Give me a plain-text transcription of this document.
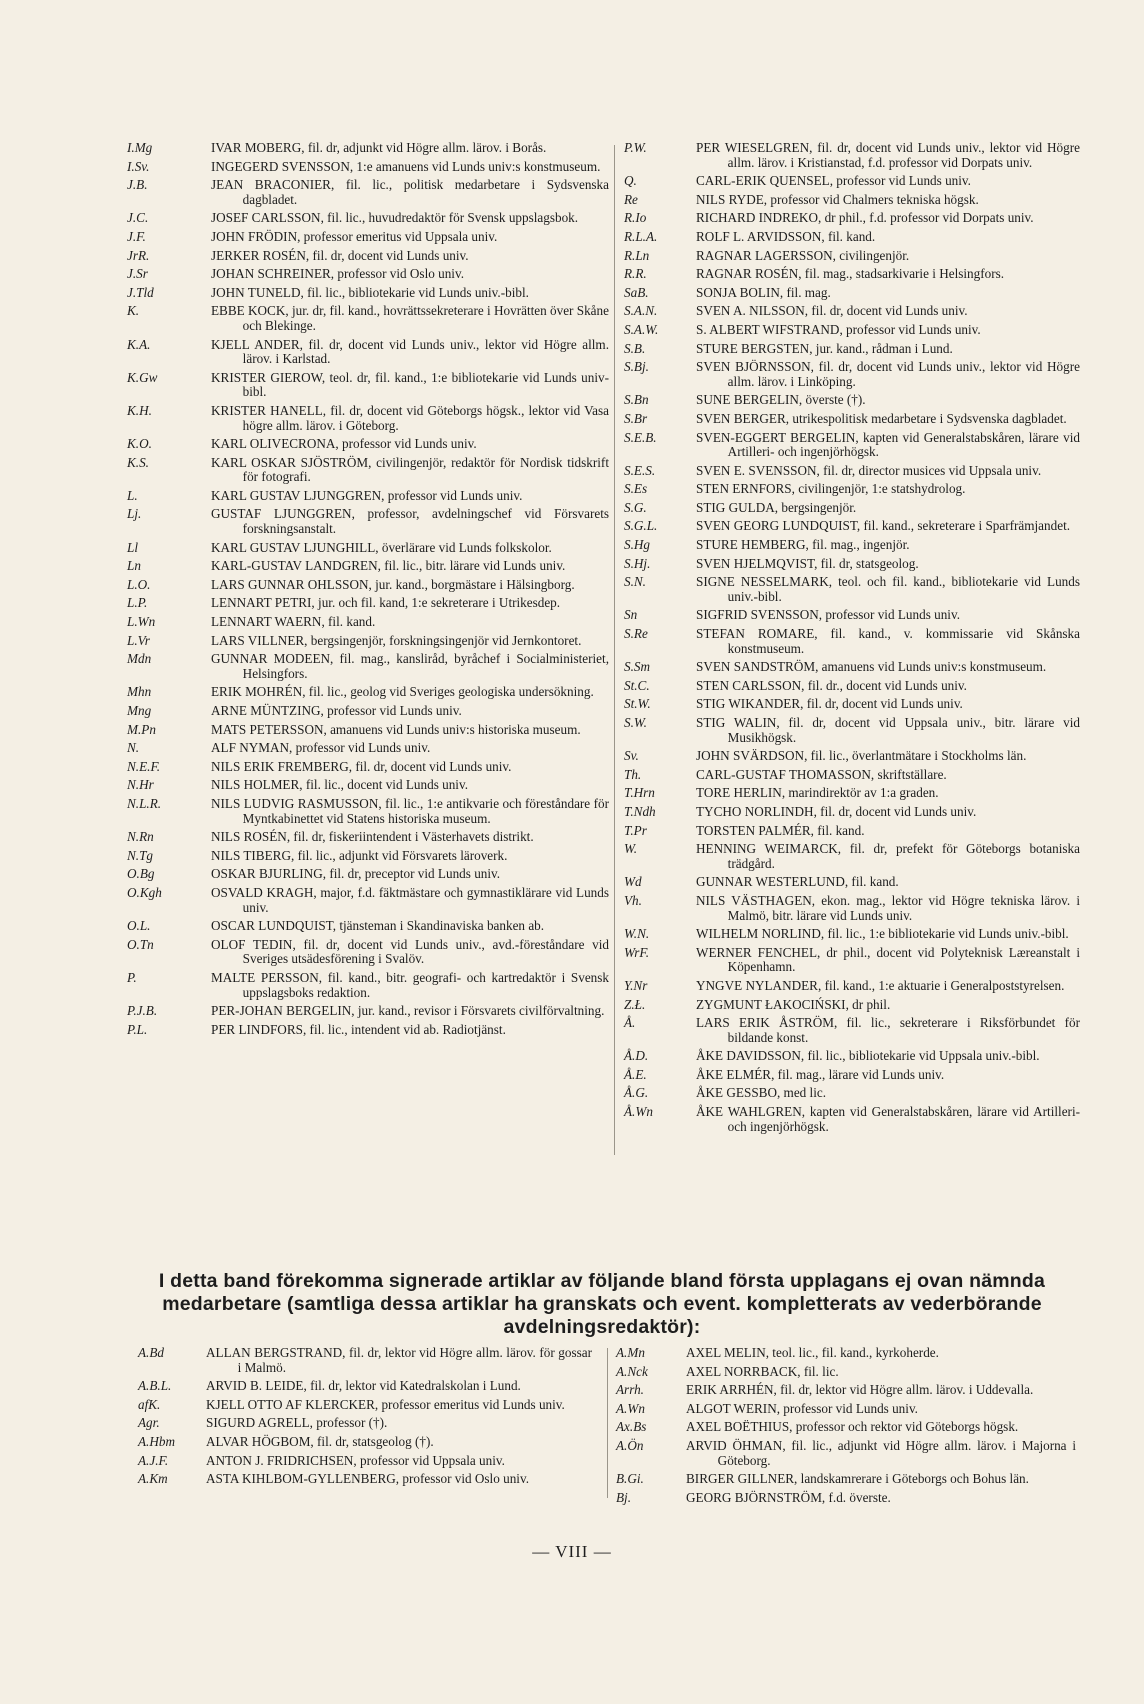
I.Mg	IVAR MOBERG, fil. dr, adjunkt vid Högre allm. lärov. i Borås.
I.Sv.	INGEGERD SVENSSON, 1:e amanuens vid Lunds univ:s konstmuseum.
J.B.	JEAN BRACONIER, fil. lic., politisk medarbetare i Sydsvenska dagbladet.
J.C.	JOSEF CARLSSON, fil. lic., huvudredaktör för Svensk uppslagsbok.
J.F.	JOHN FRÖDIN, professor emeritus vid Uppsala univ.
JrR.	JERKER ROSÉN, fil. dr, docent vid Lunds univ.
J.Sr	JOHAN SCHREINER, professor vid Oslo univ.
J.Tld	JOHN TUNELD, fil. lic., bibliotekarie vid Lunds univ.-bibl.
K.	EBBE KOCK, jur. dr, fil. kand., hovrättssekreterare i Hovrätten över Skåne och Blekinge.
K.A.	KJELL ANDER, fil. dr, docent vid Lunds univ., lektor vid Högre allm. lärov. i Karlstad.
K.Gw	KRISTER GIEROW, teol. dr, fil. kand., 1:e bibliotekarie vid Lunds univ-bibl.
K.H.	KRISTER HANELL, fil. dr, docent vid Göteborgs högsk., lektor vid Vasa högre allm. lärov. i Göteborg.
K.O.	KARL OLIVECRONA, professor vid Lunds univ.
K.S.	KARL OSKAR SJÖSTRÖM, civilingenjör, redaktör för Nordisk tidskrift för fotografi.
L.	KARL GUSTAV LJUNGGREN, professor vid Lunds univ.
Lj.	GUSTAF LJUNGGREN, professor, avdelningschef vid Försvarets forskningsanstalt.
Ll	KARL GUSTAV LJUNGHILL, överlärare vid Lunds folkskolor.
Ln	KARL-GUSTAV LANDGREN, fil. lic., bitr. lärare vid Lunds univ.
L.O.	LARS GUNNAR OHLSSON, jur. kand., borgmästare i Hälsingborg.
L.P.	LENNART PETRI, jur. och fil. kand, 1:e sekreterare i Utrikesdep.
L.Wn	LENNART WAERN, fil. kand.
L.Vr	LARS VILLNER, bergsingenjör, forskningsingenjör vid Jernkontoret.
Mdn	GUNNAR MODEEN, fil. mag., kansliråd, byråchef i Socialministeriet, Helsingfors.
Mhn	ERIK MOHRÉN, fil. lic., geolog vid Sveriges geologiska undersökning.
Mng	ARNE MÜNTZING, professor vid Lunds univ.
M.Pn	MATS PETERSSON, amanuens vid Lunds univ:s historiska museum.
N.	ALF NYMAN, professor vid Lunds univ.
N.E.F.	NILS ERIK FREMBERG, fil. dr, docent vid Lunds univ.
N.Hr	NILS HOLMER, fil. lic., docent vid Lunds univ.
N.L.R.	NILS LUDVIG RASMUSSON, fil. lic., 1:e antikvarie och föreståndare för Myntkabinettet vid Statens historiska museum.
N.Rn	NILS ROSÉN, fil. dr, fiskeriintendent i Västerhavets distrikt.
N.Tg	NILS TIBERG, fil. lic., adjunkt vid Försvarets läroverk.
O.Bg	OSKAR BJURLING, fil. dr, preceptor vid Lunds univ.
O.Kgh	OSVALD KRAGH, major, f.d. fäktmästare och gymnastiklärare vid Lunds univ.
O.L.	OSCAR LUNDQUIST, tjänsteman i Skandinaviska banken ab.
O.Tn	OLOF TEDIN, fil. dr, docent vid Lunds univ., avd.-föreståndare vid Sveriges utsädesförening i Svalöv.
P.	MALTE PERSSON, fil. kand., bitr. geografi- och kartredaktör i Svensk uppslagsboks redaktion.
P.J.B.	PER-JOHAN BERGELIN, jur. kand., revisor i Försvarets civilförvaltning.
P.L.	PER LINDFORS, fil. lic., intendent vid ab. Radiotjänst.
P.W.	PER WIESELGREN, fil. dr, docent vid Lunds univ., lektor vid Högre allm. lärov. i Kristianstad, f.d. professor vid Dorpats univ.
Q.	CARL-ERIK QUENSEL, professor vid Lunds univ.
Re	NILS RYDE, professor vid Chalmers tekniska högsk.
R.Io	RICHARD INDREKO, dr phil., f.d. professor vid Dorpats univ.
R.L.A.	ROLF L. ARVIDSSON, fil. kand.
R.Ln	RAGNAR LAGERSSON, civilingenjör.
R.R.	RAGNAR ROSÉN, fil. mag., stadsarkivarie i Helsingfors.
SaB.	SONJA BOLIN, fil. mag.
S.A.N.	SVEN A. NILSSON, fil. dr, docent vid Lunds univ.
S.A.W.	S. ALBERT WIFSTRAND, professor vid Lunds univ.
S.B.	STURE BERGSTEN, jur. kand., rådman i Lund.
S.Bj.	SVEN BJÖRNSSON, fil. dr, docent vid Lunds univ., lektor vid Högre allm. lärov. i Linköping.
S.Bn	SUNE BERGELIN, överste (†).
S.Br	SVEN BERGER, utrikespolitisk medarbetare i Sydsvenska dagbladet.
S.E.B.	SVEN-EGGERT BERGELIN, kapten vid Generalstabskåren, lärare vid Artilleri- och ingenjörhögsk.
S.E.S.	SVEN E. SVENSSON, fil. dr, director musices vid Uppsala univ.
S.Es	STEN ERNFORS, civilingenjör, 1:e statshydrolog.
S.G.	STIG GULDA, bergsingenjör.
S.G.L.	SVEN GEORG LUNDQUIST, fil. kand., sekreterare i Sparfrämjandet.
S.Hg	STURE HEMBERG, fil. mag., ingenjör.
S.Hj.	SVEN HJELMQVIST, fil. dr, statsgeolog.
S.N.	SIGNE NESSELMARK, teol. och fil. kand., bibliotekarie vid Lunds univ.-bibl.
Sn	SIGFRID SVENSSON, professor vid Lunds univ.
S.Re	STEFAN ROMARE, fil. kand., v. kommissarie vid Skånska konstmuseum.
S.Sm	SVEN SANDSTRÖM, amanuens vid Lunds univ:s konstmuseum.
St.C.	STEN CARLSSON, fil. dr., docent vid Lunds univ.
St.W.	STIG WIKANDER, fil. dr, docent vid Lunds univ.
S.W.	STIG WALIN, fil. dr, docent vid Uppsala univ., bitr. lärare vid Musikhögsk.
Sv.	JOHN SVÄRDSON, fil. lic., överlantmätare i Stockholms län.
Th.	CARL-GUSTAF THOMASSON, skriftställare.
T.Hrn	TORE HERLIN, marindirektör av 1:a graden.
T.Ndh	TYCHO NORLINDH, fil. dr, docent vid Lunds univ.
T.Pr	TORSTEN PALMÉR, fil. kand.
W.	HENNING WEIMARCK, fil. dr, prefekt för Göteborgs botaniska trädgård.
Wd	GUNNAR WESTERLUND, fil. kand.
Vh.	NILS VÄSTHAGEN, ekon. mag., lektor vid Högre tekniska lärov. i Malmö, bitr. lärare vid Lunds univ.
W.N.	WILHELM NORLIND, fil. lic., 1:e bibliotekarie vid Lunds univ.-bibl.
WrF.	WERNER FENCHEL, dr phil., docent vid Polyteknisk Læreanstalt i Köpenhamn.
Y.Nr	YNGVE NYLANDER, fil. kand., 1:e aktuarie i Generalpoststyrelsen.
Z.Ł.	ZYGMUNT ŁAKOCIŃSKI, dr phil.
Å.	LARS ERIK ÅSTRÖM, fil. lic., sekreterare i Riksförbundet för bildande konst.
Å.D.	ÅKE DAVIDSSON, fil. lic., bibliotekarie vid Uppsala univ.-bibl.
Å.E.	ÅKE ELMÉR, fil. mag., lärare vid Lunds univ.
Å.G.	ÅKE GESSBO, med lic.
Å.Wn	ÅKE WAHLGREN, kapten vid Generalstabskåren, lärare vid Artilleri- och ingenjörhögsk.
I detta band förekomma signerade artiklar av följande bland första upplagans ej ovan nämnda medarbetare (samtliga dessa artiklar ha granskats och event. kompletterats av vederbörande avdelningsredaktör):
A.Bd	ALLAN BERGSTRAND, fil. dr, lektor vid Högre allm. lärov. för gossar i Malmö.
A.B.L.	ARVID B. LEIDE, fil. dr, lektor vid Katedralskolan i Lund.
afK.	KJELL OTTO AF KLERCKER, professor emeritus vid Lunds univ.
Agr.	SIGURD AGRELL, professor (†).
A.Hbm	ALVAR HÖGBOM, fil. dr, statsgeolog (†).
A.J.F.	ANTON J. FRIDRICHSEN, professor vid Uppsala univ.
A.Km	ASTA KIHLBOM-GYLLENBERG, professor vid Oslo univ.
A.Mn	AXEL MELIN, teol. lic., fil. kand., kyrkoherde.
A.Nck	AXEL NORRBACK, fil. lic.
Arrh.	ERIK ARRHÉN, fil. dr, lektor vid Högre allm. lärov. i Uddevalla.
A.Wn	ALGOT WERIN, professor vid Lunds univ.
Ax.Bs	AXEL BOËTHIUS, professor och rektor vid Göteborgs högsk.
A.Ön	ARVID ÖHMAN, fil. lic., adjunkt vid Högre allm. lärov. i Majorna i Göteborg.
B.Gi.	BIRGER GILLNER, landskamrerare i Göteborgs och Bohus län.
Bj.	GEORG BJÖRNSTRÖM, f.d. överste.
— VIII —
